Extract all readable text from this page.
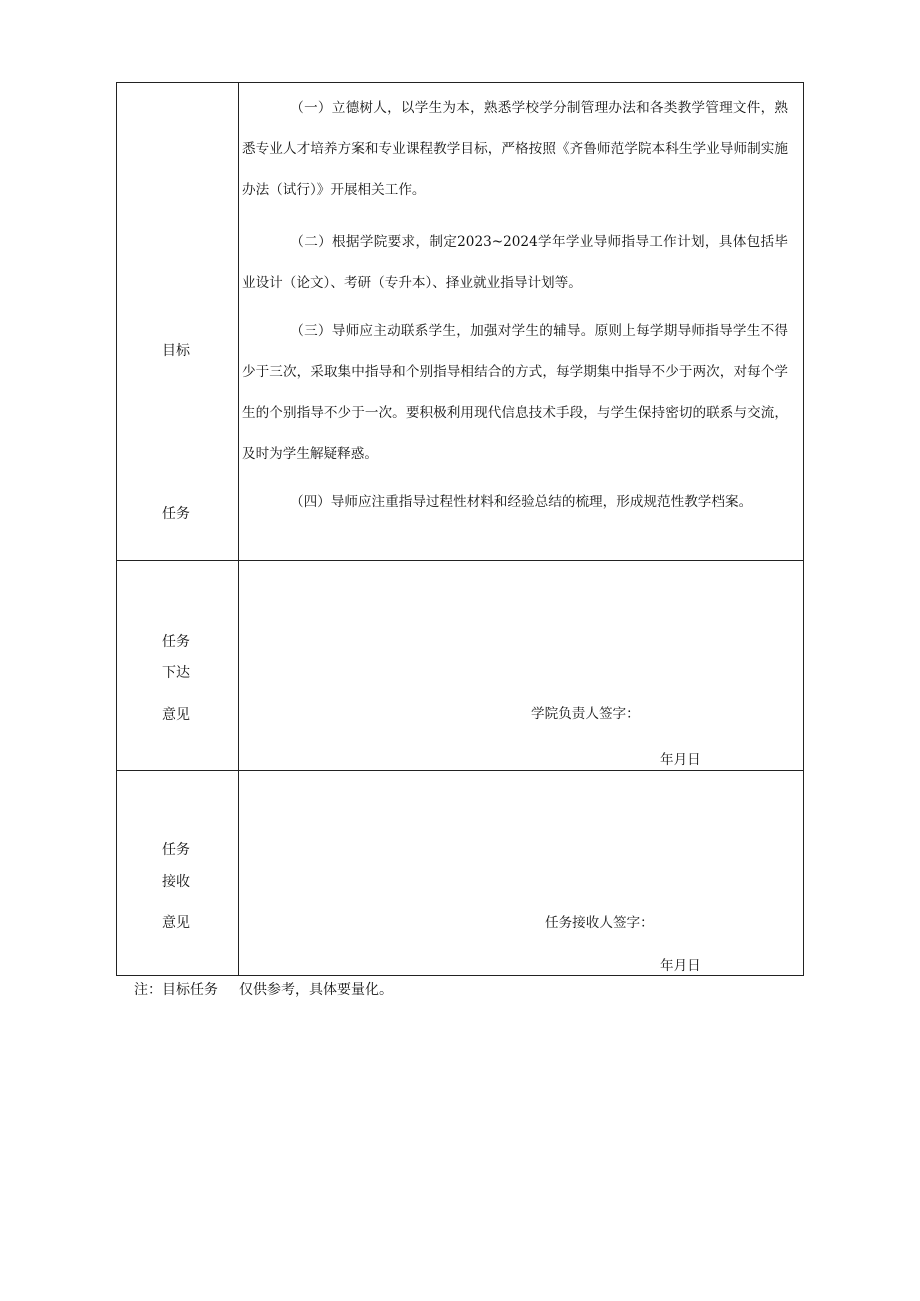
目标
任务

（一）立德树人，以学生为本，熟悉学校学分制管理办法和各类教学管理文件，熟悉专业人才培养方案和专业课程教学目标，严格按照《齐鲁师范学院本科生学业导师制实施办法（试行）》开展相关工作。

（二）根据学院要求，制定2023~2024学年学业导师指导工作计划，具体包括毕业设计（论文）、考研（专升本）、择业就业指导计划等。

（三）导师应主动联系学生，加强对学生的辅导。原则上每学期导师指导学生不得少于三次，采取集中指导和个别指导相结合的方式，每学期集中指导不少于两次，对每个学生的个别指导不少于一次。要积极利用现代信息技术手段，与学生保持密切的联系与交流，及时为学生解疑释惑。

（四）导师应注重指导过程性材料和经验总结的梳理，形成规范性教学档案。

任务
下达
意见	学院负责人签字：
年月日
任务
接收
意见	任务接收人签字：
年月日
注：目标任务 仅供参考，具体要量化。
